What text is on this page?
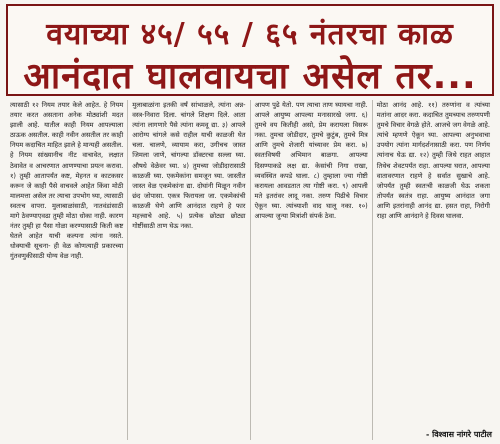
वयाच्या ४५/ ५५ / ६५ नंतरचा काळ
आनंदात घालवायचा असेल तर...

त्यासाठी १२ नियम तयार केले आहेत. हे नियम तयार करत असताना अनेक मोठ्यांशी मदत झाली आहे. यातील काही नियम आपल्याला ठाऊक असतील. काही नवीन असतील तर काही नियम कदाचित माहित झाले हे मान्यही असतील. हे नियम सांख्यानीच नीट वाचावेत, लक्षात ठेवावेत व आचरणात आणण्याचा प्रयत्न करावा. १) तुम्ही आतापर्यंत कष्ट, मेहनत व काटकसर करून जे काही पैसे वाचवले आहेत किंवा मोठी मालमत्ता असेल तर त्याचा उपभोग घ्या, त्यासाठी स्वतःच वापरा. मुलाबाळांसाठी, नातवंडांसाठी मागे ठेवण्याएवढा तुम्ही मोठा धोका नाही. कारण नंतर तुम्ही हा पैसा गोळा करण्यासाठी किती कष्ट घेतले आहेत याची कल्पना त्यांना नसते. धोक्याची सूचना- ही वेळ कोणत्याही प्रकारच्या गुंतवणुकीसाठी योग्य वेळ नाही.

मुलाबाळांना इतकी वर्षं सांभाळले, त्यांना अन्न-वस्त्र-निवारा दिला. चांगले शिक्षण दिले. आता त्यांना लागणारे पैसे त्यांना कमवू द्या. ३) आपले आरोग्य चांगले कसे राहील याची काळजी घेत चला. चालणे, व्यायाम करा, उगीचच जास्त जिमला जाणे, चांगल्या डॉक्टरचा सल्ला घ्या. औषधे वेळेवर घ्या. ४) तुमच्या जोडीदारासाठी काळजी घ्या. एकमेकांना समजून घ्या. जास्तीत जास्त वेळ एकमेकांना द्या. दोघांनी मिळून नवीन छंद जोपासा. एकत्र फिरायला जा. एकमेकांची काळजी घेणे आणि आनंदात राहणे हे फार महत्त्वाचे आहे. ५) प्रत्येक छोट्या छोट्या गोष्टींसाठी ताण घेऊ नका.

आपण पुढे येतो. पण त्याचा ताण घ्यायचा नाही. आपले आयुष्य आपल्या मनासारखे जगा. ६) तुमचे वय कितीही असो, प्रेम करायला विसरू नका. तुमचा जोडीदार, तुमचे कुटुंब, तुमचे मित्र आणि तुमचे शेजारी यांच्यावर प्रेम करा. ७) स्वतःविषयी अभिमान बाळगा. आपल्या दिसण्याकडे लक्ष द्या. केसांची निगा राखा, व्यवस्थित कपडे घाला. ८) तुम्हाला ज्या गोष्टी करायला आवडतात त्या गोष्टी करा. ९) आपली मते इतरांवर लादू नका. तरुण पिढीचे विचार ऐकून घ्या. त्यांच्याशी वाद घालू नका. १०) आपल्या जुन्या मित्रांशी संपर्क ठेवा.

मोठा आनंद आहे. ११) तरुणांना व त्यांच्या मतांना आदर करा. कदाचित तुमच्याच तरुणपणी तुमचे विचार वेगळे होते. आजचे जग वेगळे आहे. त्यांचे म्हणणे ऐकून घ्या. आपल्या अनुभवाचा उपयोग त्यांना मार्गदर्शनासाठी करा. पण निर्णय त्यांनाच घेऊ द्या. १२) तुम्ही जिथे राहत आहात तिथेच शेवटपर्यंत राहा. आपल्या घरात, आपल्या वातावरणात राहणे हे सर्वात सुखाचे आहे. जोपर्यंत तुम्ही स्वतःची काळजी घेऊ शकता तोपर्यंत स्वतंत्र राहा. आयुष्य आनंदात जगा आणि इतरांनाही आनंद द्या. हसत राहा, निरोगी राहा आणि आनंदाने हे दिवस घालवा.

- विश्वास नांगरे पाटील
